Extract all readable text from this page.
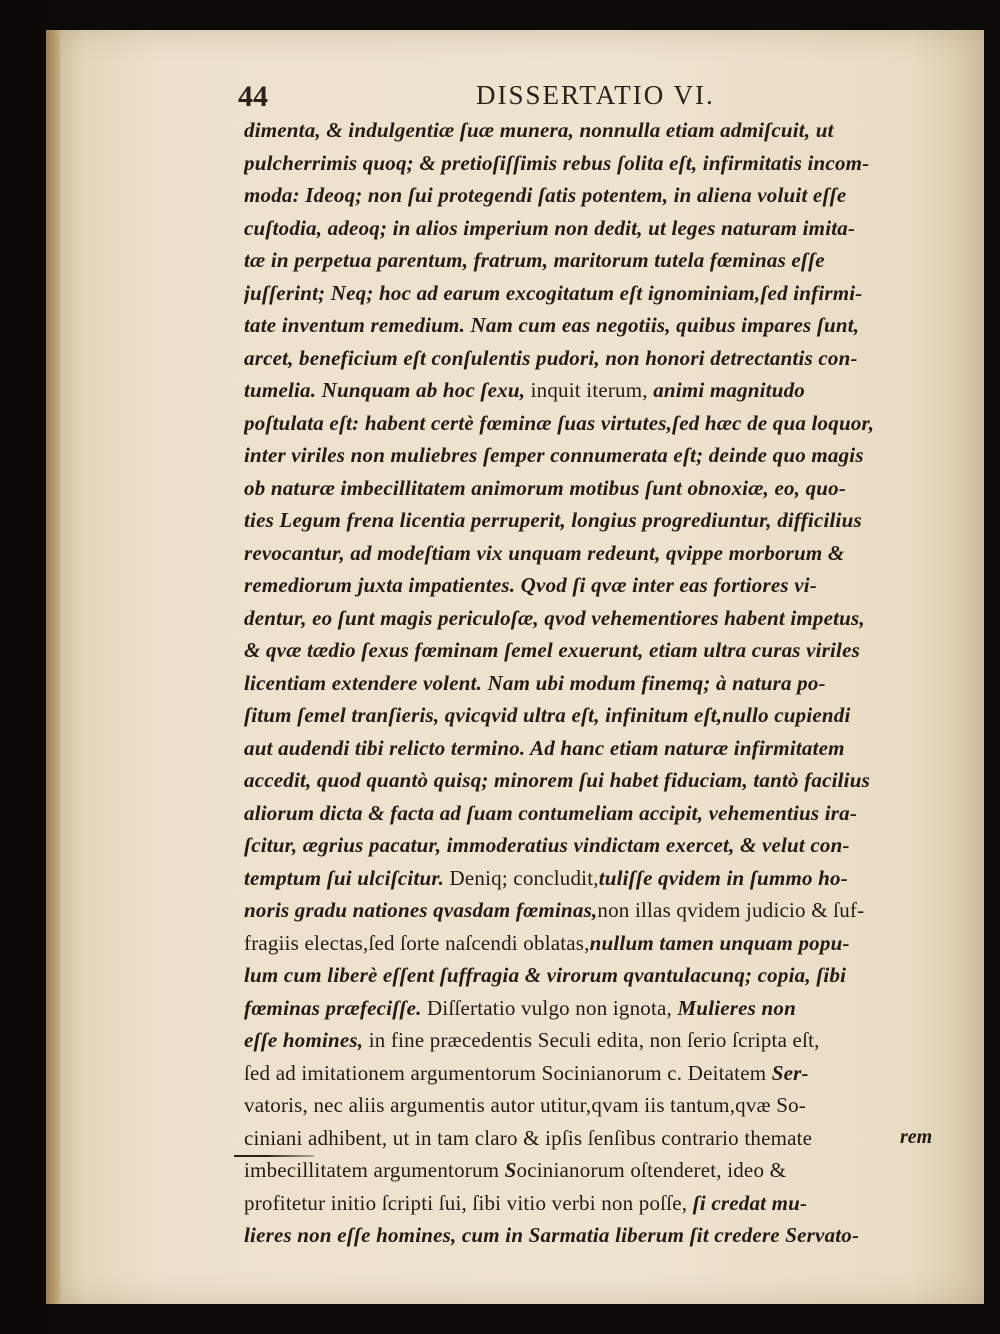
44	DISSERTATIO VI.
dimenta, & indulgentiæ ſuæ munera, nonnulla etiam admiſcuit, ut
pulcherrimis quoq; & pretioſiſſimis rebus ſolita eſt, infirmitatis incom-
moda: Ideoq; non ſui protegendi ſatis potentem, in aliena voluit eſſe
cuſtodia, adeoq; in alios imperium non dedit, ut leges naturam imita-
tæ in perpetua parentum, fratrum, maritorum tutela fœminas eſſe
juſſerint; Neq; hoc ad earum excogitatum eſt ignominiam,ſed infirmi-
tate inventum remedium. Nam cum eas negotiis, quibus impares ſunt,
arcet, beneficium eſt conſulentis pudori, non honori detrectantis con-
tumelia. Nunquam ab hoc ſexu, inquit iterum, animi magnitudo
poſtulata eſt: habent certè fœminæ ſuas virtutes,ſed hæc de qua loquor,
inter viriles non muliebres ſemper connumerata eſt; deinde quo magis
ob naturæ imbecillitatem animorum motibus ſunt obnoxiæ, eo, quo-
ties Legum frena licentia perruperit, longius progrediuntur, difficilius
revocantur, ad modeſtiam vix unquam redeunt, qvippe morborum &
remediorum juxta impatientes. Qvod ſi qvæ inter eas fortiores vi-
dentur, eo ſunt magis periculoſæ, qvod vehementiores habent impetus,
& qvæ tædio ſexus fœminam ſemel exuerunt, etiam ultra curas viriles
licentiam extendere volent. Nam ubi modum finemq; à natura po-
ſitum ſemel tranſieris, qvicqvid ultra eſt, infinitum eſt,nullo cupiendi
aut audendi tibi relicto termino. Ad hanc etiam naturæ infirmitatem
accedit, quod quantò quisq; minorem ſui habet fiduciam, tantò facilius
aliorum dicta & facta ad ſuam contumeliam accipit, vehementius ira-
ſcitur, ægrius pacatur, immoderatius vindictam exercet, & velut con-
temptum ſui ulciſcitur. Deniq; concludit,tuliſſe qvidem in ſummo ho-
noris gradu nationes qvasdam fœminas,non illas qvidem judicio & ſuf-
fragiis electas,ſed ſorte naſcendi oblatas,nullum tamen unquam popu-
lum cum liberè eſſent ſuffragia & virorum qvantulacunq; copia, ſibi
fœminas præfeciſſe. Diſſertatio vulgo non ignota, Mulieres non
eſſe homines, in fine præcedentis Seculi edita, non ſerio ſcripta eſt,
ſed ad imitationem argumentorum Socinianorum c. Deitatem Ser-
vatoris, nec aliis argumentis autor utitur,qvam iis tantum,qvæ So-
ciniani adhibent, ut in tam claro & ipſis ſenſibus contrario themate
imbecillitatem argumentorum Socinianorum oſtenderet, ideo &
profitetur initio ſcripti ſui, ſibi vitio verbi non poſſe, ſi credat mu-
lieres non eſſe homines, cum in Sarmatia liberum ſit credere Servato-
rem
